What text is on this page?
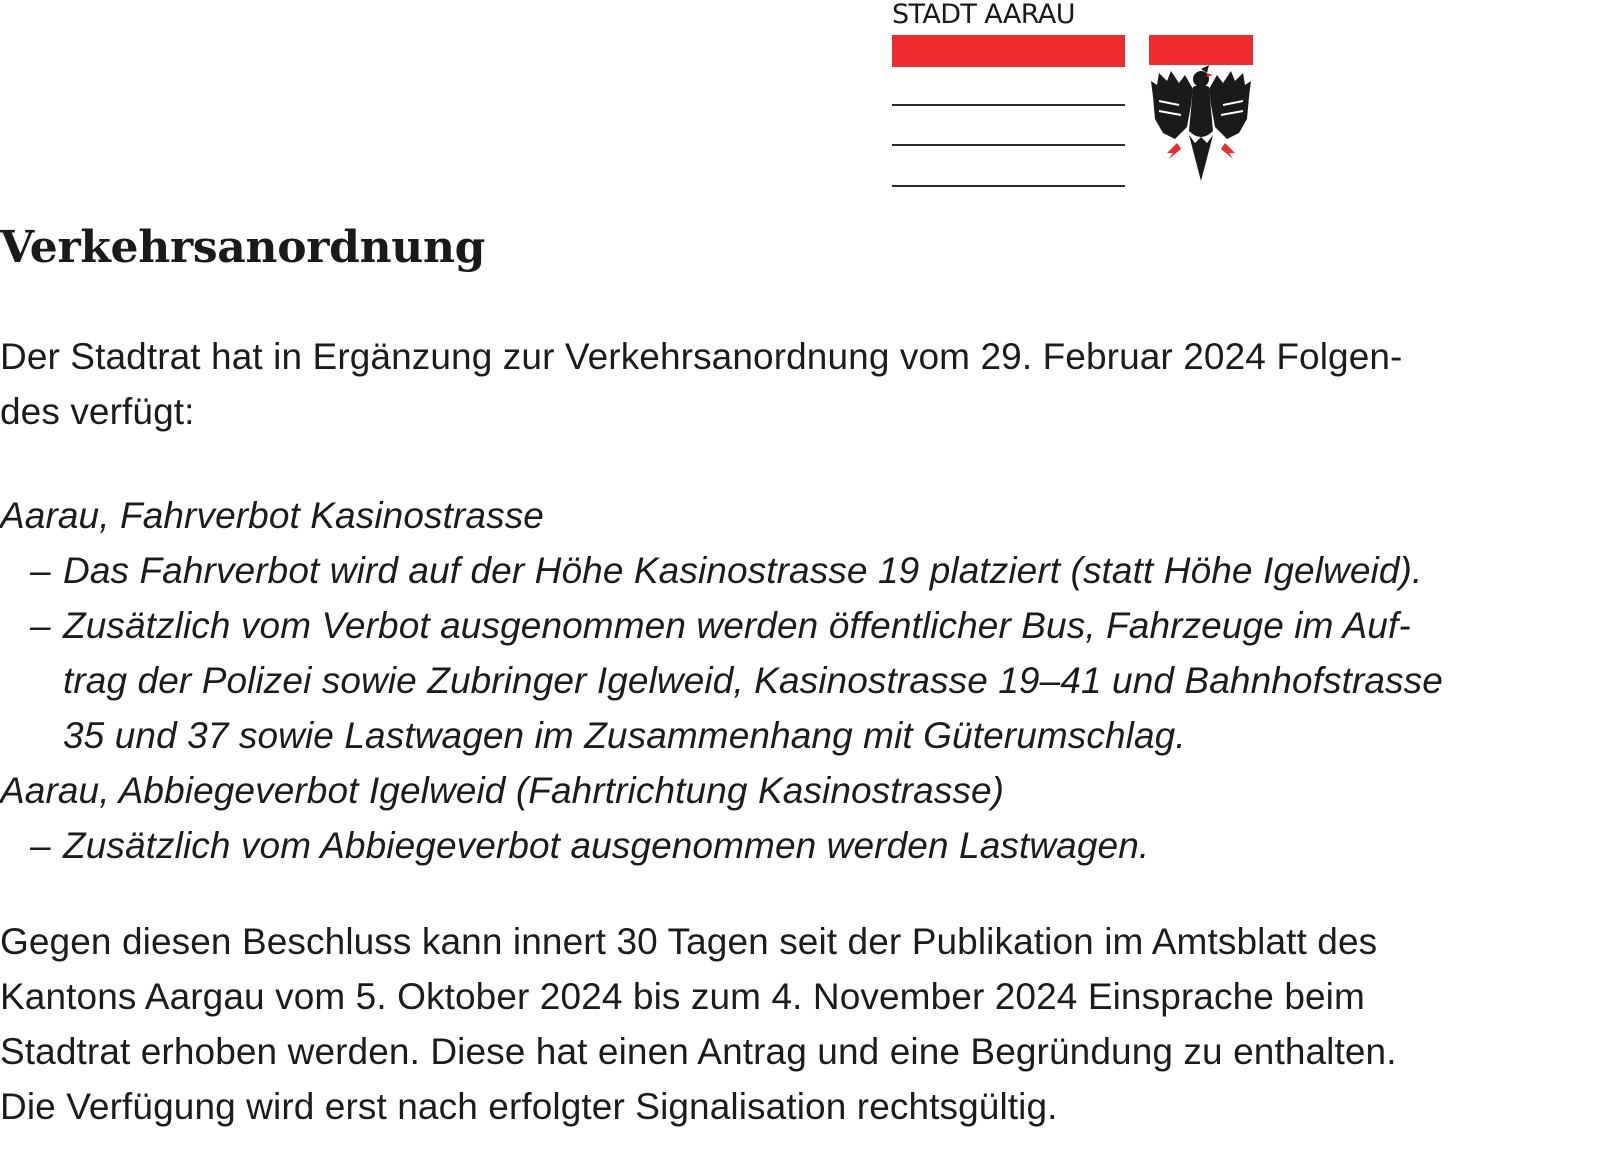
STADT AARAU
Verkehrsanordnung
Der Stadtrat hat in Ergänzung zur Verkehrsanordnung vom 29. Februar 2024 Folgen-
des verfügt:
Aarau, Fahrverbot Kasinostrasse
– Das Fahrverbot wird auf der Höhe Kasinostrasse 19 platziert (statt Höhe Igelweid).
– Zusätzlich vom Verbot ausgenommen werden öffentlicher Bus, Fahrzeuge im Auf-
trag der Polizei sowie Zubringer Igelweid, Kasinostrasse 19–41 und Bahnhofstrasse
35 und 37 sowie Lastwagen im Zusammenhang mit Güterumschlag.
Aarau, Abbiegeverbot Igelweid (Fahrtrichtung Kasinostrasse)
– Zusätzlich vom Abbiegeverbot ausgenommen werden Lastwagen.
Gegen diesen Beschluss kann innert 30 Tagen seit der Publikation im Amtsblatt des
Kantons Aargau vom 5. Oktober 2024 bis zum 4. November 2024 Einsprache beim
Stadtrat erhoben werden. Diese hat einen Antrag und eine Begründung zu enthalten.
Die Verfügung wird erst nach erfolgter Signalisation rechtsgültig.
